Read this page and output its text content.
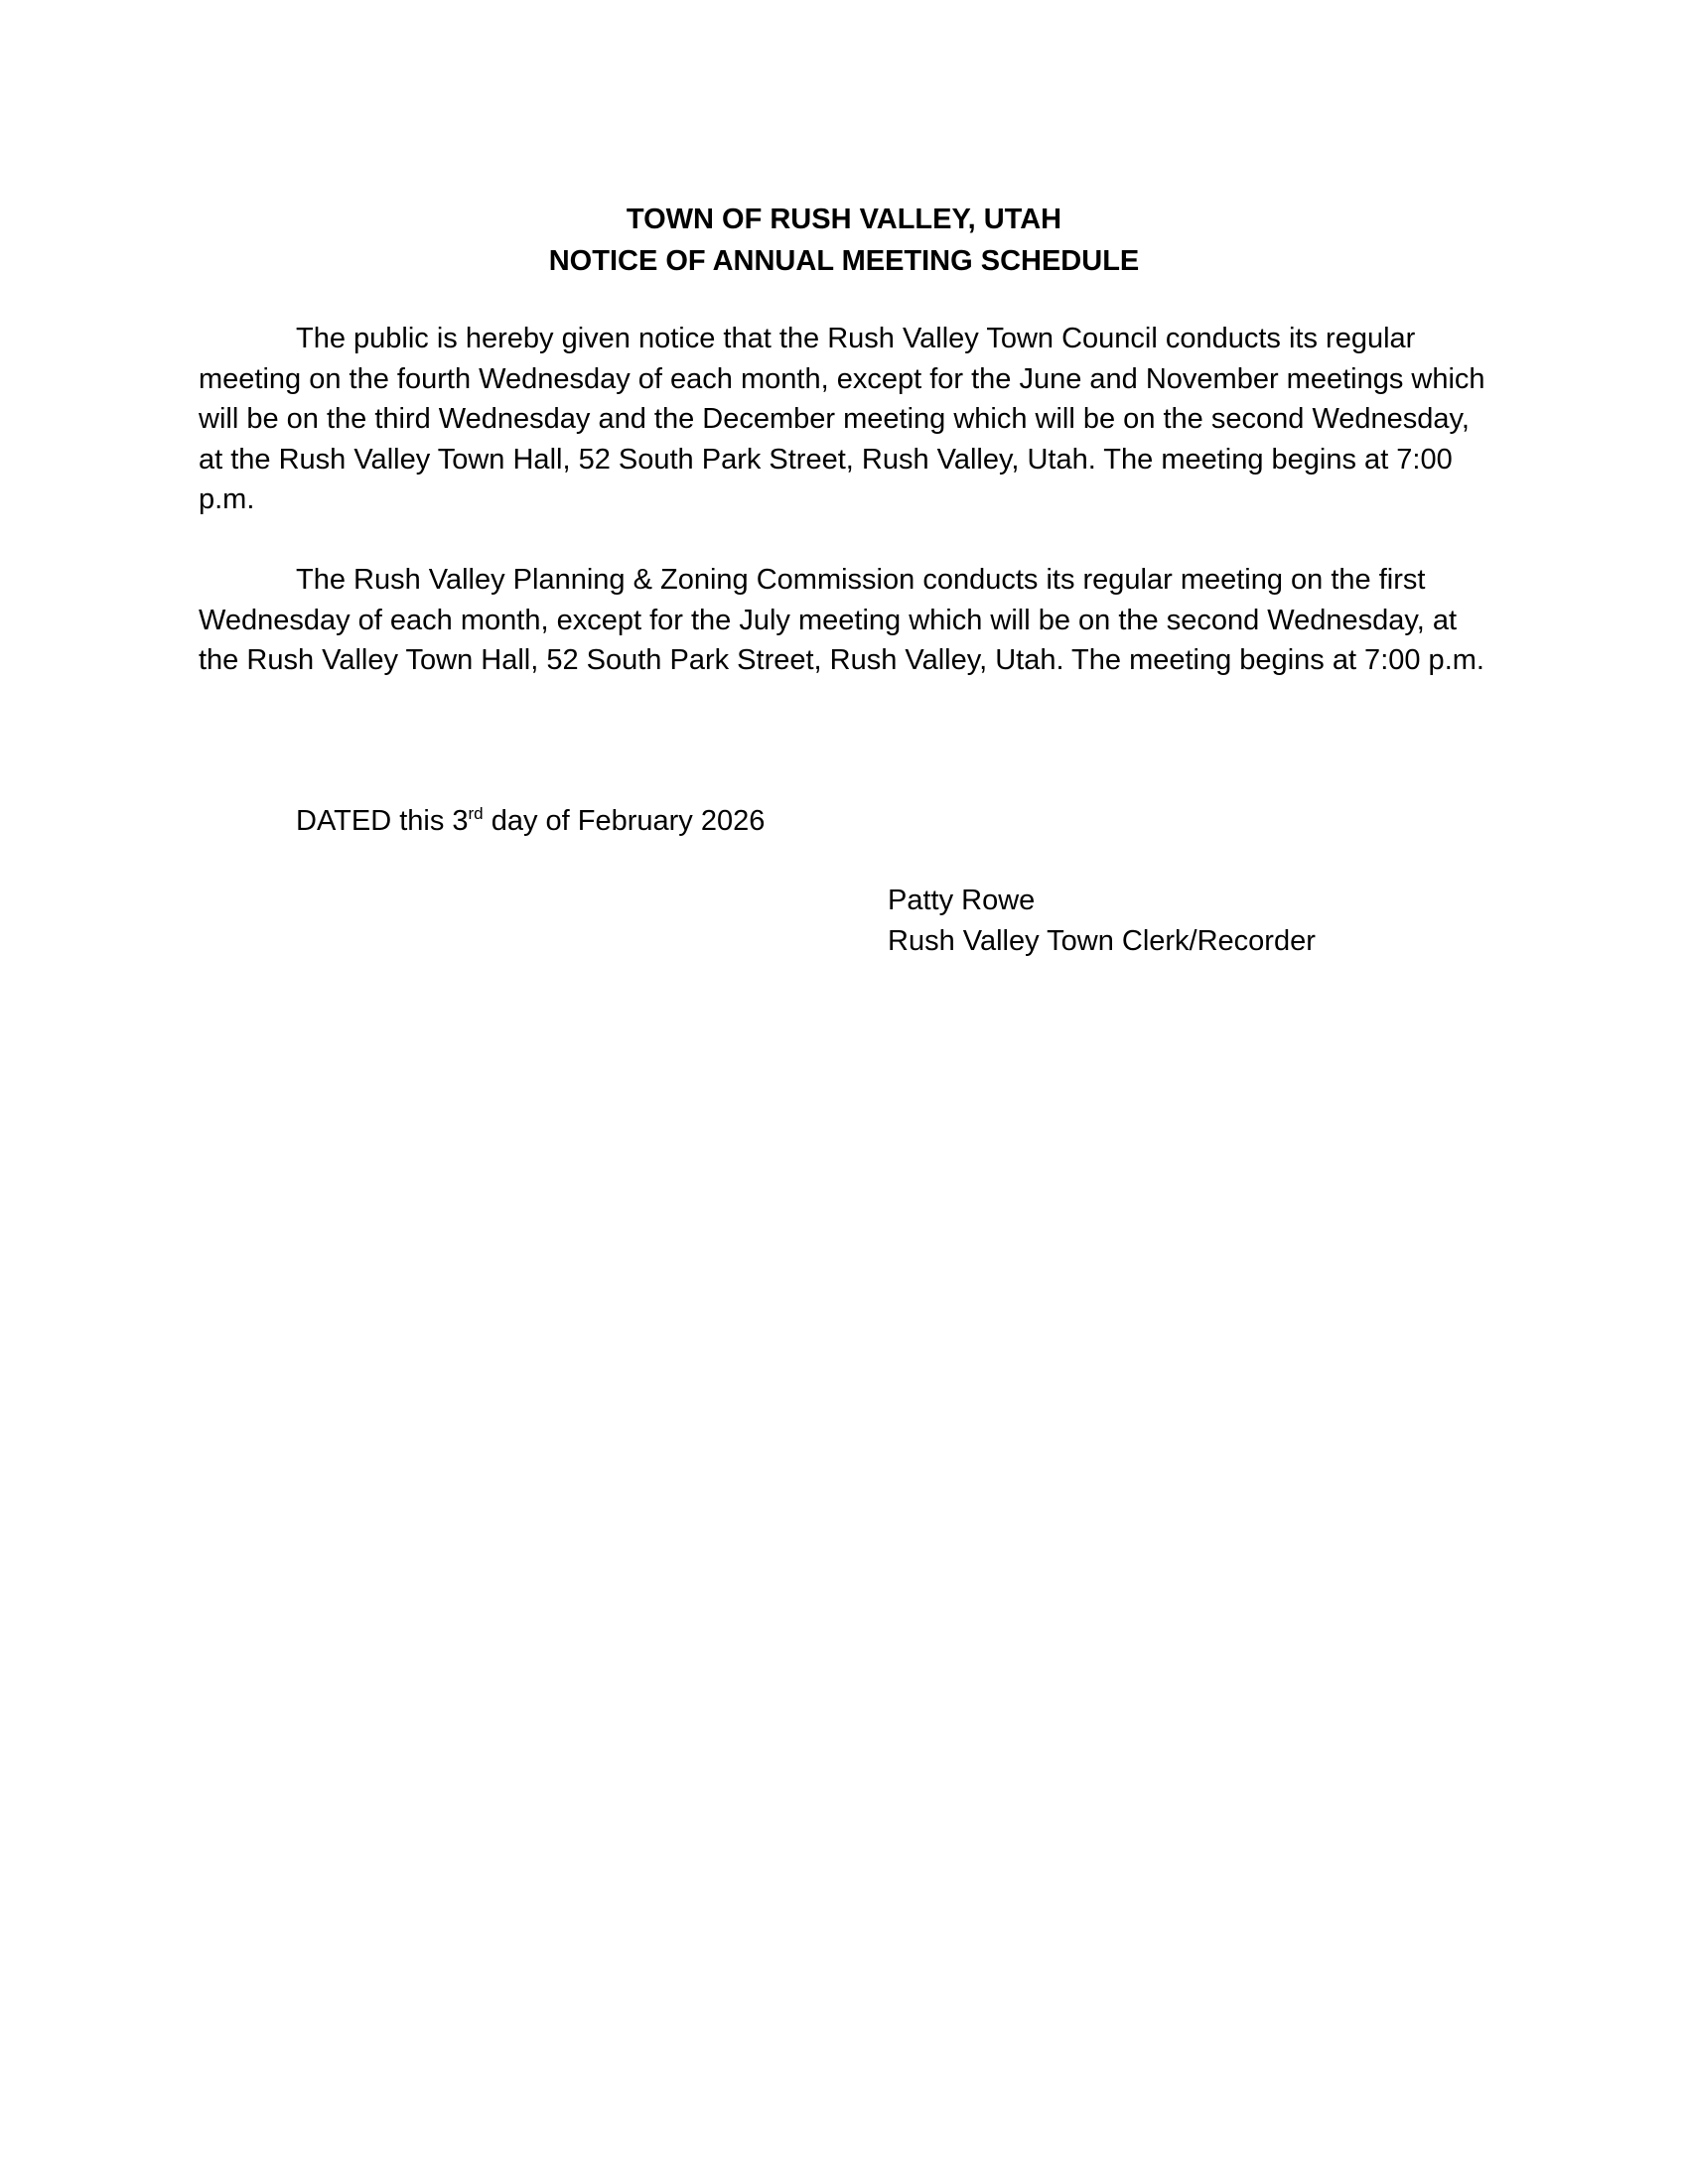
TOWN OF RUSH VALLEY, UTAH
NOTICE OF ANNUAL MEETING SCHEDULE

The public is hereby given notice that the Rush Valley Town Council conducts its regular meeting on the fourth Wednesday of each month, except for the June and November meetings which will be on the third Wednesday and the December meeting which will be on the second Wednesday, at the Rush Valley Town Hall, 52 South Park Street, Rush Valley, Utah. The meeting begins at 7:00 p.m.

The Rush Valley Planning & Zoning Commission conducts its regular meeting on the first Wednesday of each month, except for the July meeting which will be on the second Wednesday, at the Rush Valley Town Hall, 52 South Park Street, Rush Valley, Utah. The meeting begins at 7:00 p.m.

DATED this 3rd day of February 2026
Patty Rowe
Rush Valley Town Clerk/Recorder
